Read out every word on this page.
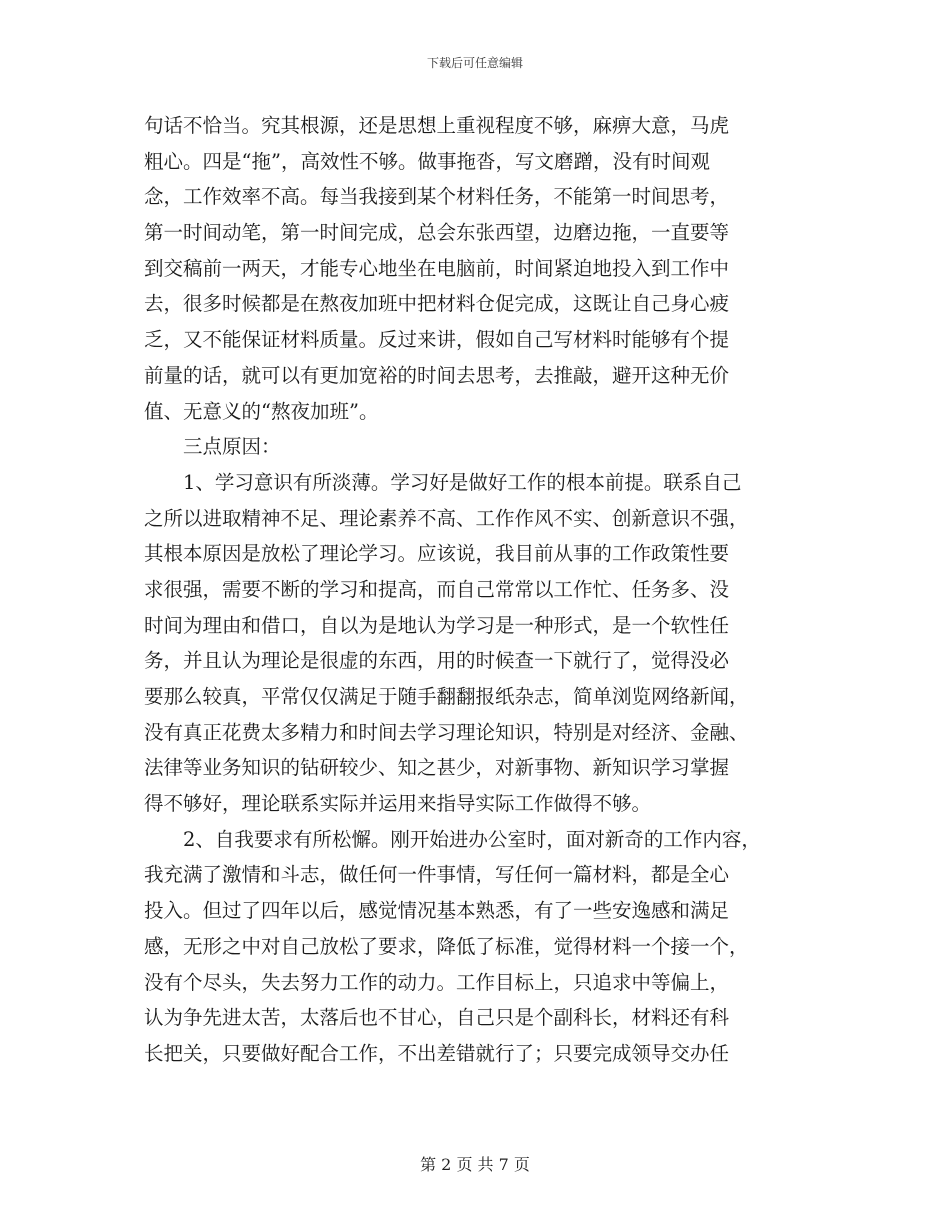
下载后可任意编辑
句话不恰当。究其根源，还是思想上重视程度不够，麻痹大意，马虎
粗心。四是“拖”，高效性不够。做事拖沓，写文磨蹭，没有时间观
念，工作效率不高。每当我接到某个材料任务，不能第一时间思考，
第一时间动笔，第一时间完成，总会东张西望，边磨边拖，一直要等
到交稿前一两天，才能专心地坐在电脑前，时间紧迫地投入到工作中
去，很多时候都是在熬夜加班中把材料仓促完成，这既让自己身心疲
乏，又不能保证材料质量。反过来讲，假如自己写材料时能够有个提
前量的话，就可以有更加宽裕的时间去思考，去推敲，避开这种无价
值、无意义的“熬夜加班”。
　　三点原因：
　　1、学习意识有所淡薄。学习好是做好工作的根本前提。联系自己
之所以进取精神不足、理论素养不高、工作作风不实、创新意识不强，
其根本原因是放松了理论学习。应该说，我目前从事的工作政策性要
求很强，需要不断的学习和提高，而自己常常以工作忙、任务多、没
时间为理由和借口，自以为是地认为学习是一种形式，是一个软性任
务，并且认为理论是很虚的东西，用的时候查一下就行了，觉得没必
要那么较真，平常仅仅满足于随手翻翻报纸杂志，简单浏览网络新闻，
没有真正花费太多精力和时间去学习理论知识，特别是对经济、金融、
法律等业务知识的钻研较少、知之甚少，对新事物、新知识学习掌握
得不够好，理论联系实际并运用来指导实际工作做得不够。
　　2、自我要求有所松懈。刚开始进办公室时，面对新奇的工作内容，
我充满了激情和斗志，做任何一件事情，写任何一篇材料，都是全心
投入。但过了四年以后，感觉情况基本熟悉，有了一些安逸感和满足
感，无形之中对自己放松了要求，降低了标准，觉得材料一个接一个，
没有个尽头，失去努力工作的动力。工作目标上，只追求中等偏上，
认为争先进太苦，太落后也不甘心，自己只是个副科长，材料还有科
长把关，只要做好配合工作，不出差错就行了；只要完成领导交办任
第 2 页 共 7 页
